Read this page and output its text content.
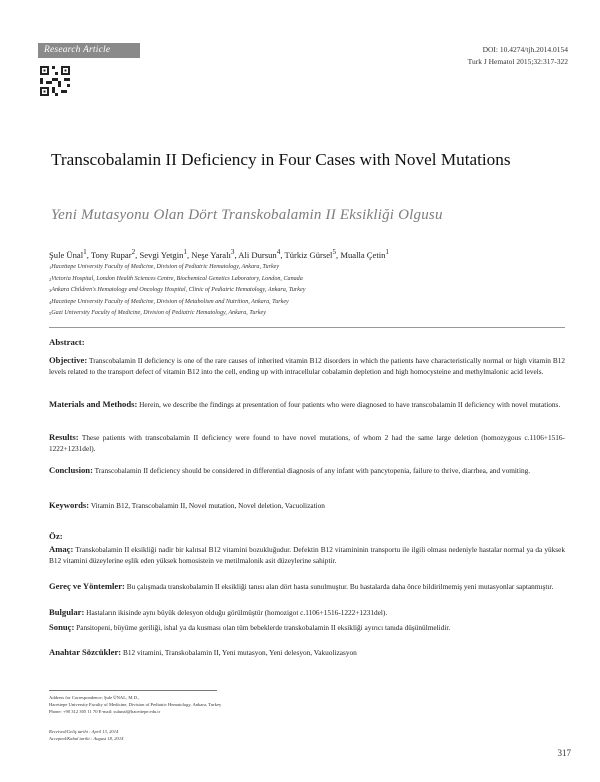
Research Article	DOI: 10.4274/tjh.2014.0154
Turk J Hematol 2015;32:317-322
Transcobalamin II Deficiency in Four Cases with Novel Mutations
Yeni Mutasyonu Olan Dört Transkobalamin II Eksikliği Olgusu
Şule Ünal$^1$, Tony Rupar$^2$, Sevgi Yetgin$^1$, Neşe Yaralı$^3$, Ali Dursun$^4$, Türkiz Gürsel$^5$, Mualla Çetin$^1$
$^1$Hacettepe University Faculty of Medicine, Division of Pediatric Hematology, Ankara, Turkey
$^2$Victoria Hospital, London Health Sciences Centre, Biochemical Genetics Laboratory, London, Canada
$^3$Ankara Children's Hematology and Oncology Hospital, Clinic of Pediatric Hematology, Ankara, Turkey
$^4$Hacettepe University Faculty of Medicine, Division of Metabolism and Nutrition, Ankara, Turkey
$^5$Gazi University Faculty of Medicine, Division of Pediatric Hematology, Ankara, Turkey
Abstract:
Objective: Transcobalamin II deficiency is one of the rare causes of inherited vitamin B12 disorders in which the patients have characteristically normal or high vitamin B12 levels related to the transport defect of vitamin B12 into the cell, ending up with intracellular cobalamin depletion and high homocysteine and methylmalonic acid levels.
Materials and Methods: Herein, we describe the findings at presentation of four patients who were diagnosed to have transcobalamin II deficiency with novel mutations.
Results: These patients with transcobalamin II deficiency were found to have novel mutations, of whom 2 had the same large deletion (homozygous c.1106+1516-1222+1231del).
Conclusion: Transcobalamin II deficiency should be considered in differential diagnosis of any infant with pancytopenia, failure to thrive, diarrhea, and vomiting.
Keywords: Vitamin B12, Transcobalamin II, Novel mutation, Novel deletion, Vacuolization
Öz:
Amaç: Transkobalamin II eksikliği nadir bir kalıtsal B12 vitamini bozukluğudur. Defektin B12 vitamininin transportu ile ilgili olması nedeniyle hastalar normal ya da yüksek B12 vitamini düzeylerine eşlik eden yüksek homosistein ve metilmalonik asit düzeylerine sahiptir.
Gereç ve Yöntemler: Bu çalışmada transkobalamin II eksikliği tanısı alan dört hasta sunulmuştur. Bu hastalarda daha önce bildirilmemiş yeni mutasyonlar saptanmıştır.
Bulgular: Hastaların ikisinde aynı büyük delesyon olduğu görülmüştür (homozigot c.1106+1516-1222+1231del).
Sonuç: Pansitopeni, büyüme geriliği, ishal ya da kusması olan tüm bebeklerde transkobalamin II eksikliği ayırıcı tanıda düşünülmelidir.
Anahtar Sözcükler: B12 vitamini, Transkobalamin II, Yeni mutasyon, Yeni delesyon, Vakuolizasyon
Address for Correspondence: Şule ÜNAL, M.D.,
Hacettepe University Faculty of Medicine, Division of Pediatric Hematology, Ankara, Turkey
Phone: +90 312 305 11 70 E-mail: sulunal@hacettepe.edu.tr
Received/Geliş tarihi : April 13, 2014
Accepted/Kabul tarihi : August 18, 2014
317
